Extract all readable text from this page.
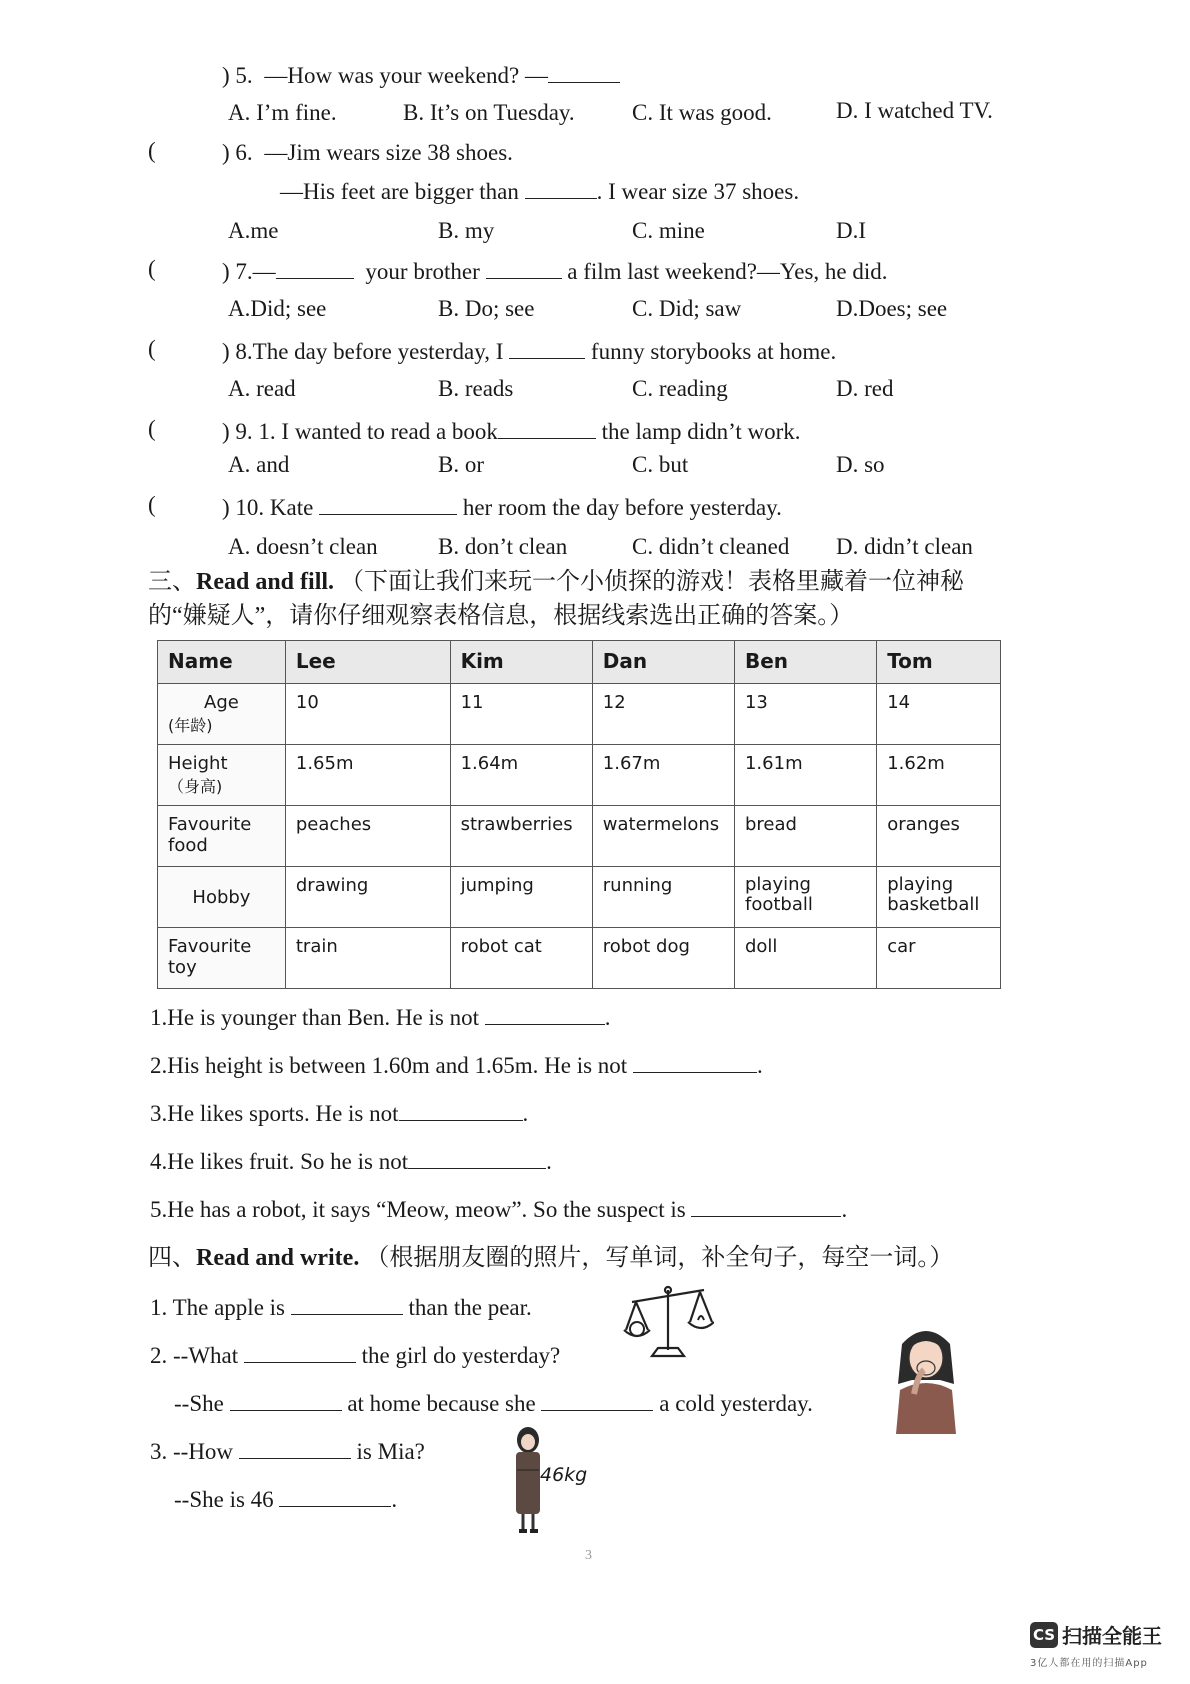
) 5. —How was your weekend? —
A. I’m fine.	B. It’s on Tuesday. C. It was good.	D. I watched TV.
(	) 6. —Jim wears size 38 shoes.
—His feet are bigger than	. I wear size 37 shoes.
A.me	B. my	C. mine	D.I
(	) 7.—	your brother	a film last weekend?—Yes, he did.
A.Did; see	B. Do; see	C. Did; saw	D.Does; see
(	) 8.The day before yesterday, I	funny storybooks at home.
A. read	B. reads	C. reading	D. red
(	) 9. 1. I wanted to read a book	the lamp didn’t work.
A. and	B. or	C. but	D. so
(	) 10. Kate	her room the day before yesterday.
A. doesn’t clean	B. don’t clean	C. didn’t cleaned D. didn’t clean
三、Read and fill. （下面让我们来玩一个小侦探的游戏！表格里藏着一位神秘
的“嫌疑人”，请你仔细观察表格信息，根据线索选出正确的答案。）
Name	Lee	Kim	Dan	Ben	Tom
Age
(年龄)	10	11	12	13	14
Height
（身高)	1.65m	1.64m	1.67m	1.61m	1.62m
Favourite
food	peaches	strawberries	watermelons	bread	oranges
Hobby	drawing	jumping	running	playing football	playing basketball
Favourite
toy	train	robot cat	robot dog	doll	car
1.He is younger than Ben. He is not	.
2.His height is between 1.60m and 1.65m. He is not	.
3.He likes sports. He is not	.
4.He likes fruit. So he is not	.
5.He has a robot, it says “Meow, meow”. So the suspect is	.
四、Read and write. （根据朋友圈的照片，写单词，补全句子，每空一词。）
1. The apple is	than the pear.
2. --What	the girl do yesterday?
--She	at home because she	a cold yesterday.
3. --How	is Mia?
--She is 46	.
46kg
3
CS 扫描全能王
3亿人都在用的扫描App
